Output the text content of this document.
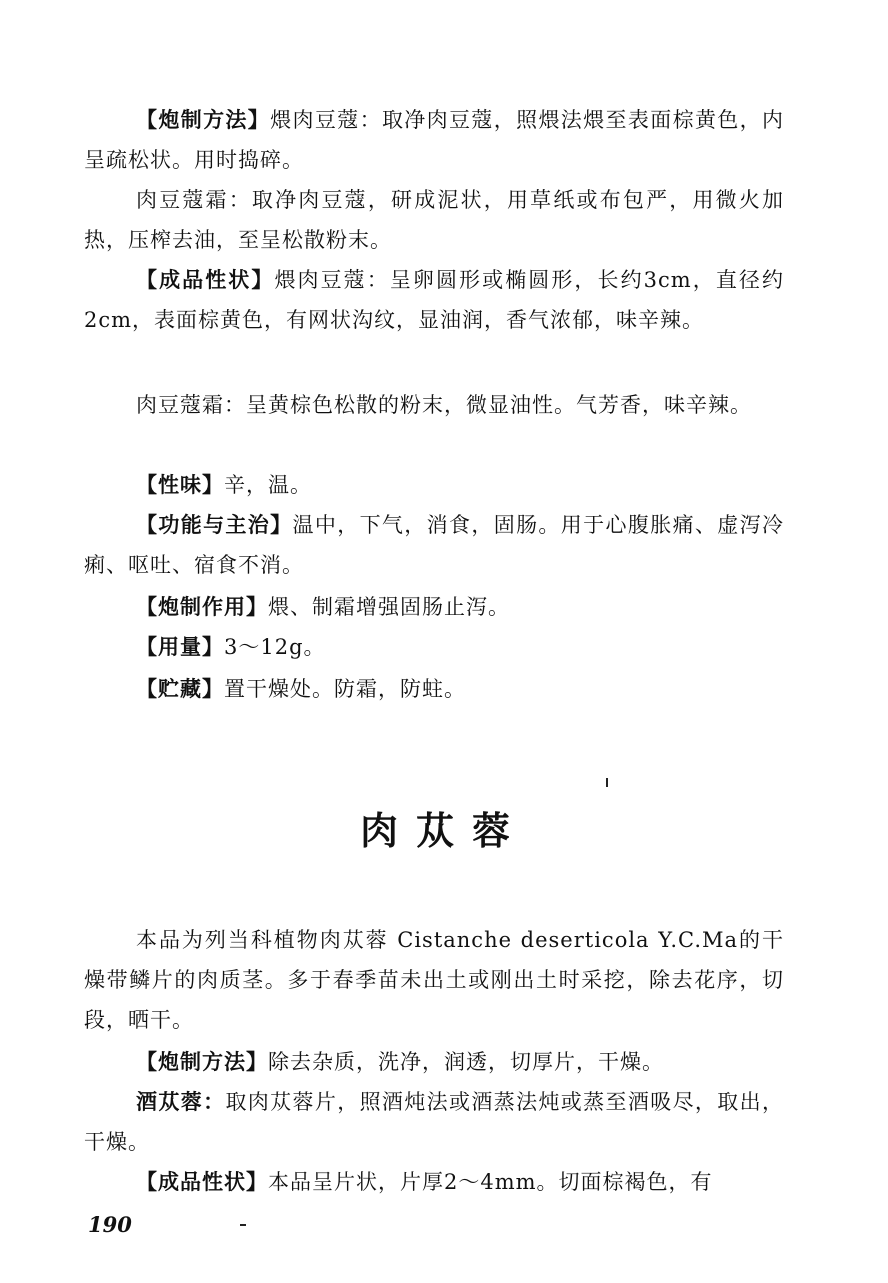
【炮制方法】煨肉豆蔻：取净肉豆蔻，照煨法煨至表面棕黄色，内呈疏松状。用时捣碎。

肉豆蔻霜：取净肉豆蔻，研成泥状，用草纸或布包严，用微火加热，压榨去油，至呈松散粉末。

【成品性状】煨肉豆蔻：呈卵圆形或椭圆形，长约3cm，直径约2cm，表面棕黄色，有网状沟纹，显油润，香气浓郁，味辛辣。

肉豆蔻霜：呈黄棕色松散的粉末，微显油性。气芳香，味辛辣。

【性味】辛，温。

【功能与主治】温中，下气，消食，固肠。用于心腹胀痛、虚泻冷痢、呕吐、宿食不消。

【炮制作用】煨、制霜增强固肠止泻。

【用量】3～12g。

【贮藏】置干燥处。防霜，防蛀。

肉苁蓉

本品为列当科植物肉苁蓉 Cistanche deserticola Y.C.Ma的干燥带鳞片的肉质茎。多于春季苗未出土或刚出土时采挖，除去花序，切段，晒干。

【炮制方法】除去杂质，洗净，润透，切厚片，干燥。

酒苁蓉：取肉苁蓉片，照酒炖法或酒蒸法炖或蒸至酒吸尽，取出，干燥。

【成品性状】本品呈片状，片厚2～4mm。切面棕褐色，有

190
